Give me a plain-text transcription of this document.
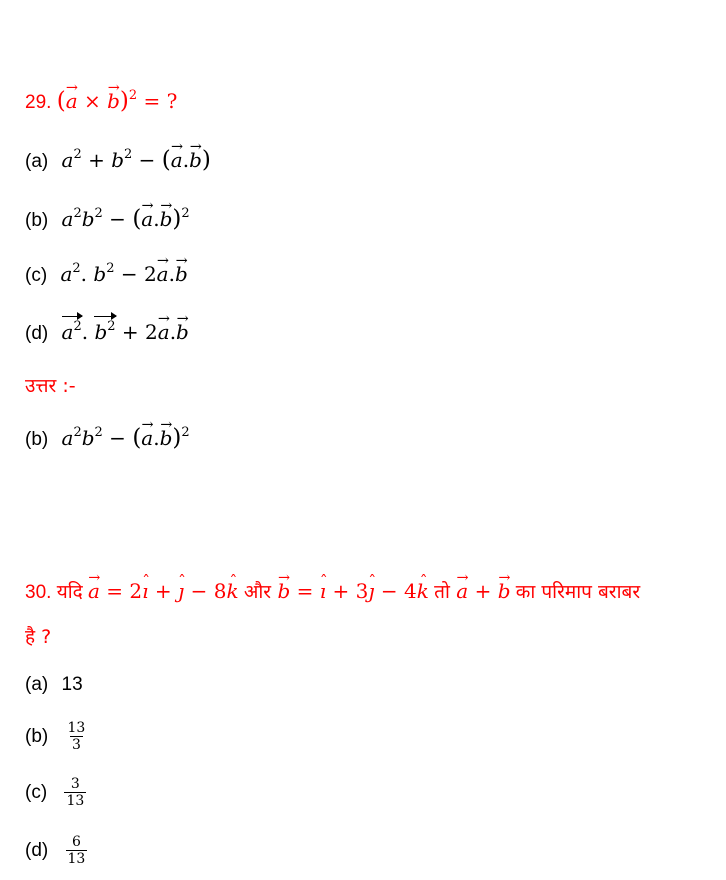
29. (a → × b →)$^2$ = ?
(a) $a^2 + b^2 - (a \to.b$ →)
(b) $a^2b^2 - (a \to.b \to)^2$
(c) $a^2$. $b^2 - 2a \to.b$ →
(d) $a^2$. $b^2 + 2a \to.b$ →
उत्तर :-
(b) $a^2b^2 - (a \to.b \to)^2$
30. यदि a → = 2ı ˆ + ȷ ˆ − 8k ˆ और b → = ı ˆ + 3ȷ ˆ − 4k ˆ तो a → + b → का परिमाप बराबर
है ?
(a) 13
$(b) \frac{13}{3}$
$(c) \frac{3}{13}$
$(d) \frac{6}{13}$
